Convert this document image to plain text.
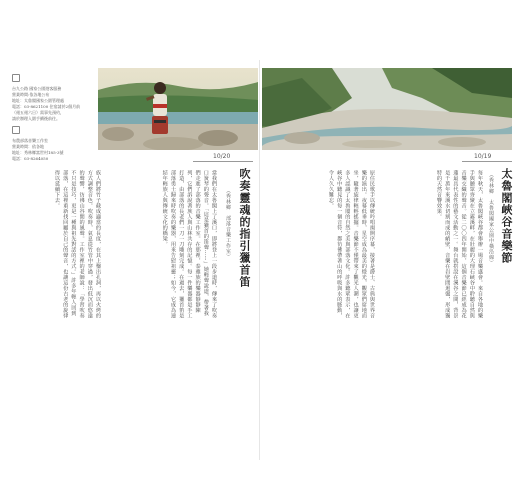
台九公路 國家公園遊客服務
營業時間:依各地公布
地址：太魯閣國家公園管理處
電話：03-8621100 住宿請於2個月前
（週五週六日）需事先預約，
請於辦理入園手續後前往。
布農部落音樂工作室
營業時間：依各地
地址：秀林鄉富世村185-3號
電話：03-8264050	10/20
吹奏靈魂的指引獵首笛
（秀林鄉　部落音樂工作室）
當我們在太魯閣上了溪口，即將登上一段步道時，傳來了吹奏口簧琴的聲音。「這是獵首的笛聲……」她輕聲說道，帶著我們走進了部落的音樂工作室。在那裡，泰雅族的樂器靜靜陳列，它們訴說著族人與山林共存的記憶。每一件樂器都是手工打造，由部落的長老們一刀一刀雕刻完成。在過去，獵首笛是部落勇士歸來時吹奏的樂器，用來告慰祖靈；如今，它成為連結年輕族人與傳統文化的橋梁。
族人們將竹子截成適當的長度，在其上鑿出孔洞，再以火烤的方式調整音色。吹奏時，氣息從竹管中穿過，發出低沉而悠遠的聲響，彷彿山谷間的風聲。工作室裡的老師說：「學習吹奏不只是技巧，更是一種與祖先對話的方式。」許多年輕人回到部落，在這裡重新找回屬於自己的聲音，也讓這份古老的旋律得以延續下去。
10/19
太魯閣峽谷音樂節
（秀林鄉　太魯閣國家公園中橫沿線）
每年秋天，太魯閣峽谷都會舉辦一場音樂盛會。來自各地的樂手與聽眾齊聚在立霧溪畔，在壯麗的大理石峽谷中聆聽自然與音樂交織的聲音。從二〇〇四年開始，這個音樂節已經成為花蓮最具代表性的藝文活動之一。舞台就搭設在溪谷之間，背景是千萬年來溪水切割而成的峭壁，音樂在岩壁間迴盪，形成獨特的天然音響效果。
原住民歌手以傳統吟唱揭開序幕，接著是爵士、古典與世界音樂的演出。夜幕低垂時，星空成為最美的燈光，觀眾們席地而坐，隨著旋律輕輕搖擺。音樂節不僅帶來了觀光人潮，也讓更多人認識了太魯閣的自然之美與部落文化。許多聽眾表示，在峽谷中聽見的每一個音符，都彷彿帶著山的呼吸與水的脈動，令人久久難忘。
